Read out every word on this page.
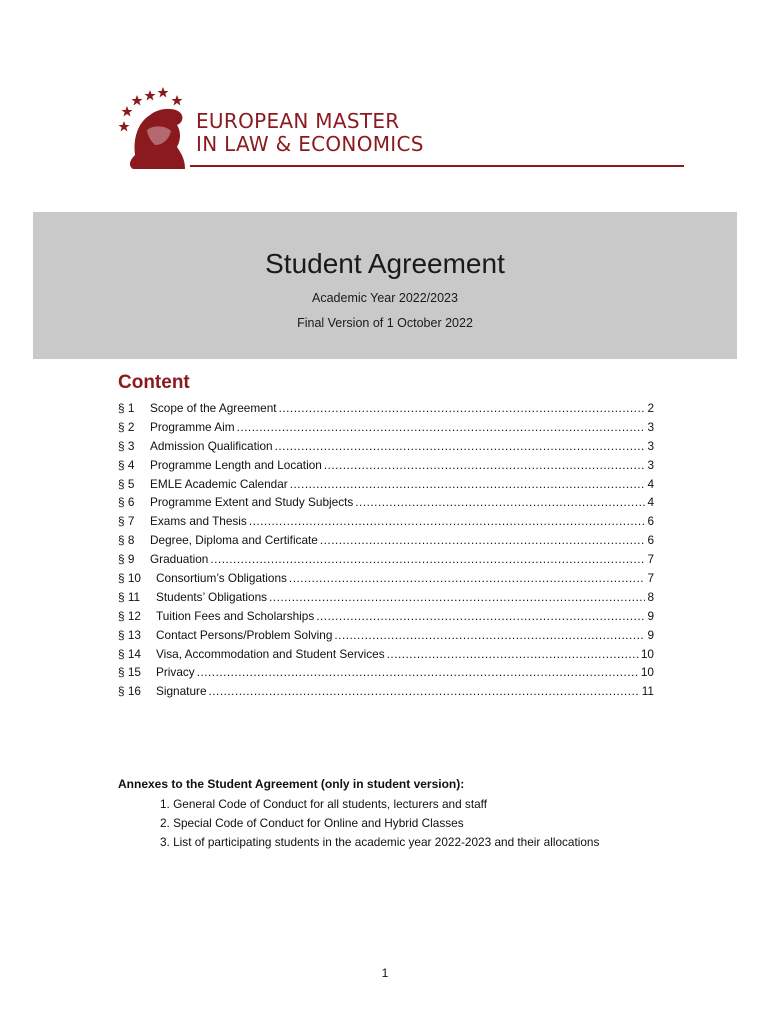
EUROPEAN MASTER
IN LAW & ECONOMICS
Student Agreement
Academic Year 2022/2023
Final Version of 1 October 2022
Content
§ 1	Scope of the Agreement .....	2
§ 2	Programme Aim .....	3
§ 3	Admission Qualification .....	3
§ 4	Programme Length and Location .....	3
§ 5	EMLE Academic Calendar .....	4
§ 6	Programme Extent and Study Subjects .....	4
§ 7	Exams and Thesis .....	6
§ 8	Degree, Diploma and Certificate .....	6
§ 9	Graduation .....	7
§ 10	Consortium’s Obligations .....	7
§ 11	Students’ Obligations .....	8
§ 12	Tuition Fees and Scholarships .....	9
§ 13	Contact Persons/Problem Solving .....	9
§ 14	Visa, Accommodation and Student Services .....	10
§ 15	Privacy .....	10
§ 16	Signature .....	11
Annexes to the Student Agreement (only in student version):
1. General Code of Conduct for all students, lecturers and staff
2. Special Code of Conduct for Online and Hybrid Classes
3. List of participating students in the academic year 2022-2023 and their allocations
1
